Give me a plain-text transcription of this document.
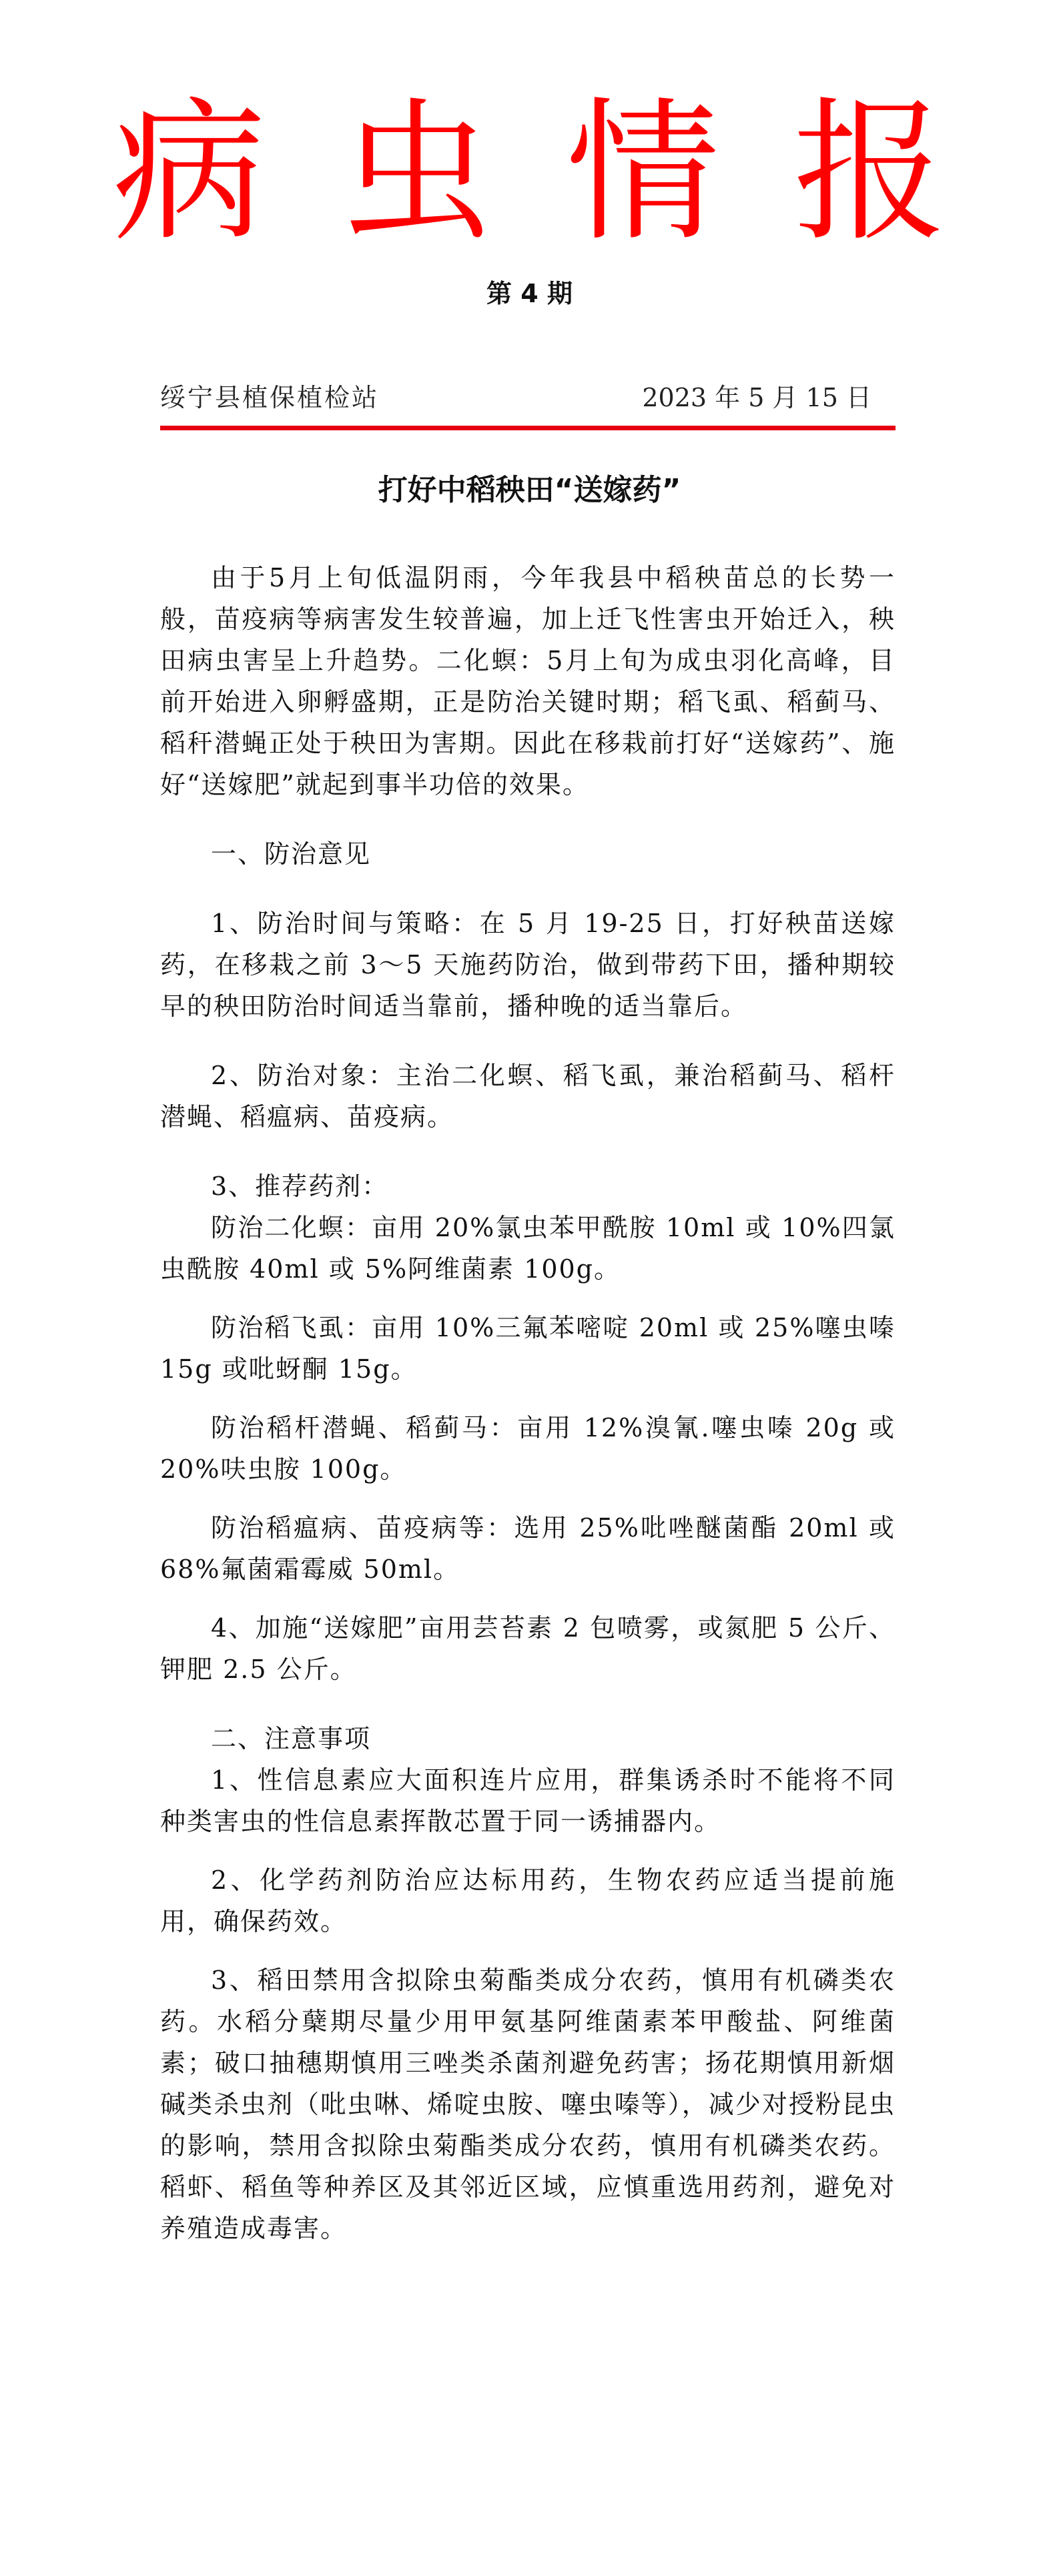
病虫情报
第 4 期
绥宁县植保植检站	2023 年 5 月 15 日
打好中稻秧田“送嫁药”

由于5月上旬低温阴雨，今年我县中稻秧苗总的长势一般，苗疫病等病害发生较普遍，加上迁飞性害虫开始迁入，秧田病虫害呈上升趋势。二化螟：5月上旬为成虫羽化高峰，目前开始进入卵孵盛期，正是防治关键时期；稻飞虱、稻蓟马、稻秆潜蝇正处于秧田为害期。因此在移栽前打好“送嫁药”、施好“送嫁肥”就起到事半功倍的效果。

一、防治意见

1、防治时间与策略：在 5 月 19-25 日，打好秧苗送嫁药，在移栽之前 3～5 天施药防治，做到带药下田，播种期较早的秧田防治时间适当靠前，播种晚的适当靠后。

2、防治对象：主治二化螟、稻飞虱，兼治稻蓟马、稻杆潜蝇、稻瘟病、苗疫病。

3、推荐药剂：

防治二化螟：亩用 20%氯虫苯甲酰胺 10ml 或 10%四氯虫酰胺 40ml 或 5%阿维菌素 100g。

防治稻飞虱：亩用 10%三氟苯嘧啶 20ml 或 25%噻虫嗪 15g 或吡蚜酮 15g。

防治稻杆潜蝇、稻蓟马：亩用 12%溴氰.噻虫嗪 20g 或 20%呋虫胺 100g。

防治稻瘟病、苗疫病等：选用 25%吡唑醚菌酯 20ml 或 68%氟菌霜霉威 50ml。

4、加施“送嫁肥”亩用芸苔素 2 包喷雾，或氮肥 5 公斤、钾肥 2.5 公斤。

二、注意事项

1、性信息素应大面积连片应用，群集诱杀时不能将不同种类害虫的性信息素挥散芯置于同一诱捕器内。

2、化学药剂防治应达标用药，生物农药应适当提前施用，确保药效。

3、稻田禁用含拟除虫菊酯类成分农药，慎用有机磷类农药。水稻分蘖期尽量少用甲氨基阿维菌素苯甲酸盐、阿维菌素；破口抽穗期慎用三唑类杀菌剂避免药害；扬花期慎用新烟碱类杀虫剂（吡虫啉、烯啶虫胺、噻虫嗪等），减少对授粉昆虫的影响，禁用含拟除虫菊酯类成分农药，慎用有机磷类农药。稻虾、稻鱼等种养区及其邻近区域，应慎重选用药剂，避免对养殖造成毒害。
